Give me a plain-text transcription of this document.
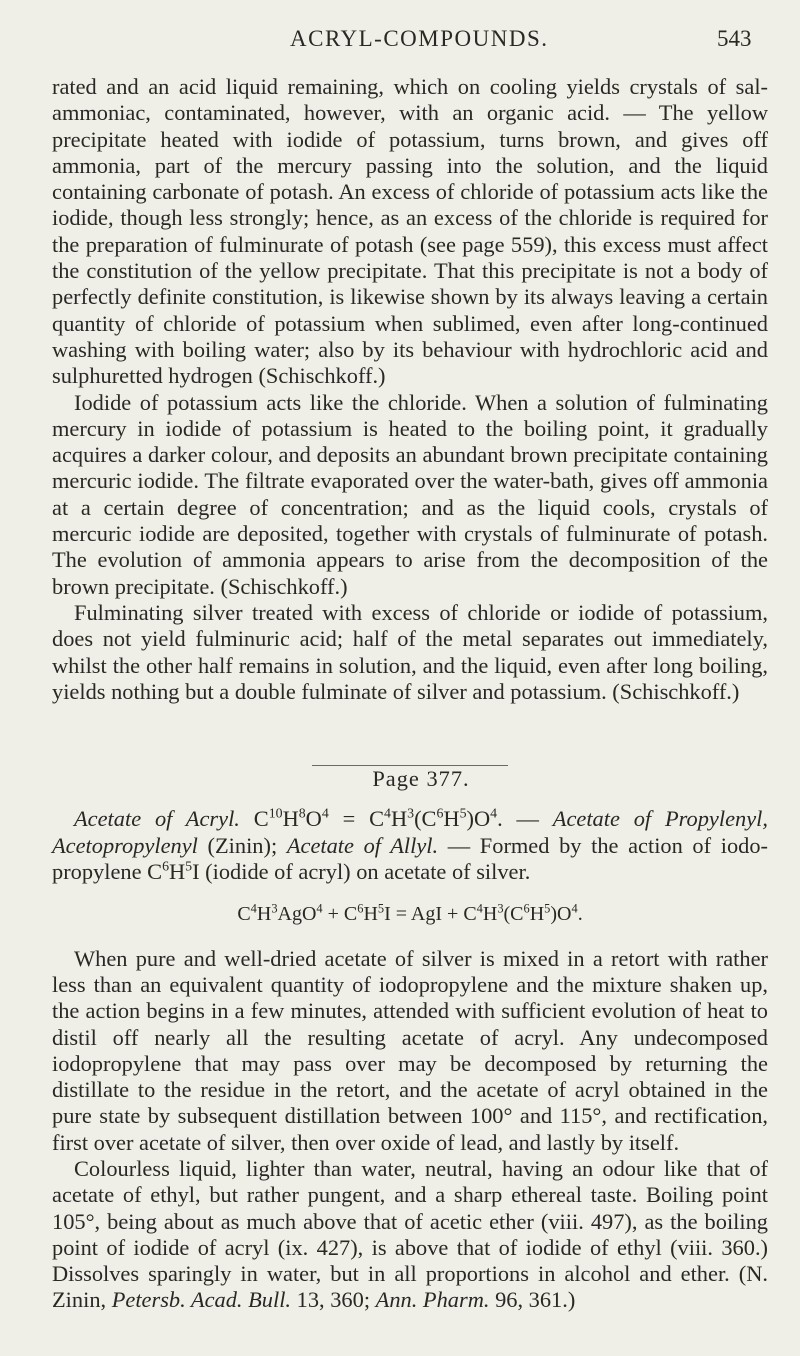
ACRYL-COMPOUNDS.	543

rated and an acid liquid remaining, which on cooling yields crystals of sal-ammoniac, contaminated, however, with an organic acid. — The yellow precipitate heated with iodide of potassium, turns brown, and gives off ammonia, part of the mercury passing into the solution, and the liquid containing carbonate of potash. An excess of chloride of potassium acts like the iodide, though less strongly; hence, as an excess of the chloride is required for the preparation of fulminurate of potash (see page 559), this excess must affect the constitution of the yellow precipitate. That this precipitate is not a body of perfectly definite constitution, is likewise shown by its always leaving a certain quantity of chloride of potassium when sublimed, even after long-continued washing with boiling water; also by its behaviour with hydrochloric acid and sulphuretted hydrogen (Schischkoff.)

Iodide of potassium acts like the chloride. When a solution of fulminating mercury in iodide of potassium is heated to the boiling point, it gradually acquires a darker colour, and deposits an abundant brown precipitate containing mercuric iodide. The filtrate evaporated over the water-bath, gives off ammonia at a certain degree of concentration; and as the liquid cools, crystals of mercuric iodide are deposited, together with crystals of fulminurate of potash. The evolution of ammonia appears to arise from the decomposition of the brown precipitate. (Schischkoff.)

Fulminating silver treated with excess of chloride or iodide of potassium, does not yield fulminuric acid; half of the metal separates out immediately, whilst the other half remains in solution, and the liquid, even after long boiling, yields nothing but a double fulminate of silver and potassium. (Schischkoff.)

Page 377.

Acetate of Acryl. $C^{10}H^8O^4 = C^4H^3(C^6H^5)O^4$. — Acetate of Propylenyl, Acetopropylenyl (Zinin); Acetate of Allyl. — Formed by the action of iodo-propylene $C^6H^5I$ (iodide of acryl) on acetate of silver.

$C^4H^3AgO^4 + C^6H^5I$ = AgI + $C^4H^3(C^6H^5)O^4$.

When pure and well-dried acetate of silver is mixed in a retort with rather less than an equivalent quantity of iodopropylene and the mixture shaken up, the action begins in a few minutes, attended with sufficient evolution of heat to distil off nearly all the resulting acetate of acryl. Any undecomposed iodopropylene that may pass over may be decomposed by returning the distillate to the residue in the retort, and the acetate of acryl obtained in the pure state by subsequent distillation between 100° and 115°, and rectification, first over acetate of silver, then over oxide of lead, and lastly by itself.

Colourless liquid, lighter than water, neutral, having an odour like that of acetate of ethyl, but rather pungent, and a sharp ethereal taste. Boiling point 105°, being about as much above that of acetic ether (viii. 497), as the boiling point of iodide of acryl (ix. 427), is above that of iodide of ethyl (viii. 360.) Dissolves sparingly in water, but in all proportions in alcohol and ether. (N. Zinin, Petersb. Acad. Bull. 13, 360; Ann. Pharm. 96, 361.)
